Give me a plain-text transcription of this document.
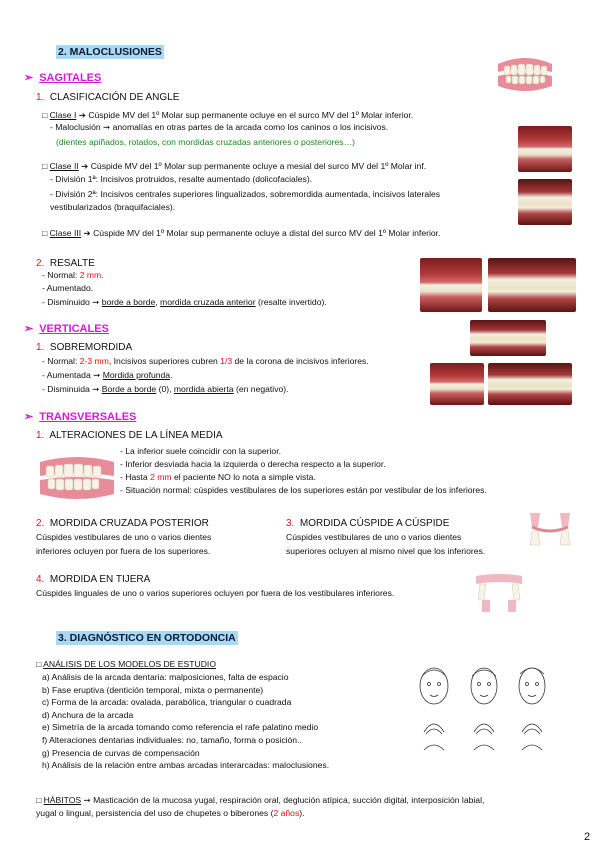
2. MALOCLUSIONES
➢ SAGITALES
1. CLASIFICACIÓN DE ANGLE
□ Clase I ➔ Cúspide MV del 1º Molar sup permanente ocluye en el surco MV del 1º Molar inferior.
- Maloclusión ➞ anomalías en otras partes de la arcada como los caninos o los incisivos.
(dientes apiñados, rotados, con mordidas cruzadas anteriores o posteriores…)
□ Clase II ➔ Cúspide MV del 1º Molar sup permanente ocluye a mesial del surco MV del 1º Molar inf.
- División 1ª: Incisivos protruidos, resalte aumentado (dolicofaciales).
- División 2ª: Incisivos centrales superiores lingualizados, sobremordida aumentada, incisivos laterales
vestibularizados (braquifaciales).
□ Clase III ➔ Cúspide MV del 1º Molar sup permanente ocluye a distal del surco MV del 1º Molar inferior.
2. RESALTE
- Normal: 2 mm.
- Aumentado.
- Disminuido ➞ borde a borde, mordida cruzada anterior (resalte invertido).
➢ VERTICALES
1. SOBREMORDIDA
- Normal: 2-3 mm, Incisivos superiores cubren 1/3 de la corona de incisivos inferiores.
- Aumentada ➞ Mordida profunda.
- Disminuida ➞ Borde a borde (0), mordida abierta (en negativo).
➢ TRANSVERSALES
1. ALTERACIONES DE LA LÍNEA MEDIA
- La inferior suele coincidir con la superior.
- Inferior desviada hacia la izquierda o derecha respecto a la superior.
- Hasta 2 mm el paciente NO lo nota a simple vista.
- Situación normal: cúspides vestibulares de los superiores están por vestibular de los inferiores.
2. MORDIDA CRUZADA POSTERIOR
Cúspides vestibulares de uno o varios dientes
inferiores ocluyen por fuera de los superiores.
3. MORDIDA CÚSPIDE A CÚSPIDE
Cúspides vestibulares de uno o varios dientes
superiores ocluyen al mismo nivel que los inferiores.
4. MORDIDA EN TIJERA
Cúspides linguales de uno o varios superiores ocluyen por fuera de los vestibulares inferiores.
3. DIAGNÓSTICO EN ORTODONCIA
□ ANÁLISIS DE LOS MODELOS DE ESTUDIO
a) Análisis de la arcada dentaria: malposiciones, falta de espacio
b) Fase eruptiva (dentición temporal, mixta o permanente)
c) Forma de la arcada: ovalada, parabólica, triangular o cuadrada
d) Anchura de la arcada
e) Simetría de la arcada tomando como referencia el rafe palatino medio
f) Alteraciones dentarias individuales: no, tamaño, forma o posición..
g) Presencia de curvas de compensación
h) Análisis de la relación entre ambas arcadas interarcadas: maloclusiones.
□ HÁBITOS ➞ Masticación de la mucosa yugal, respiración oral, deglución atípica, succión digital, interposición labial,
yugal o lingual, persistencia del uso de chupetes o biberones (2 años).
2
